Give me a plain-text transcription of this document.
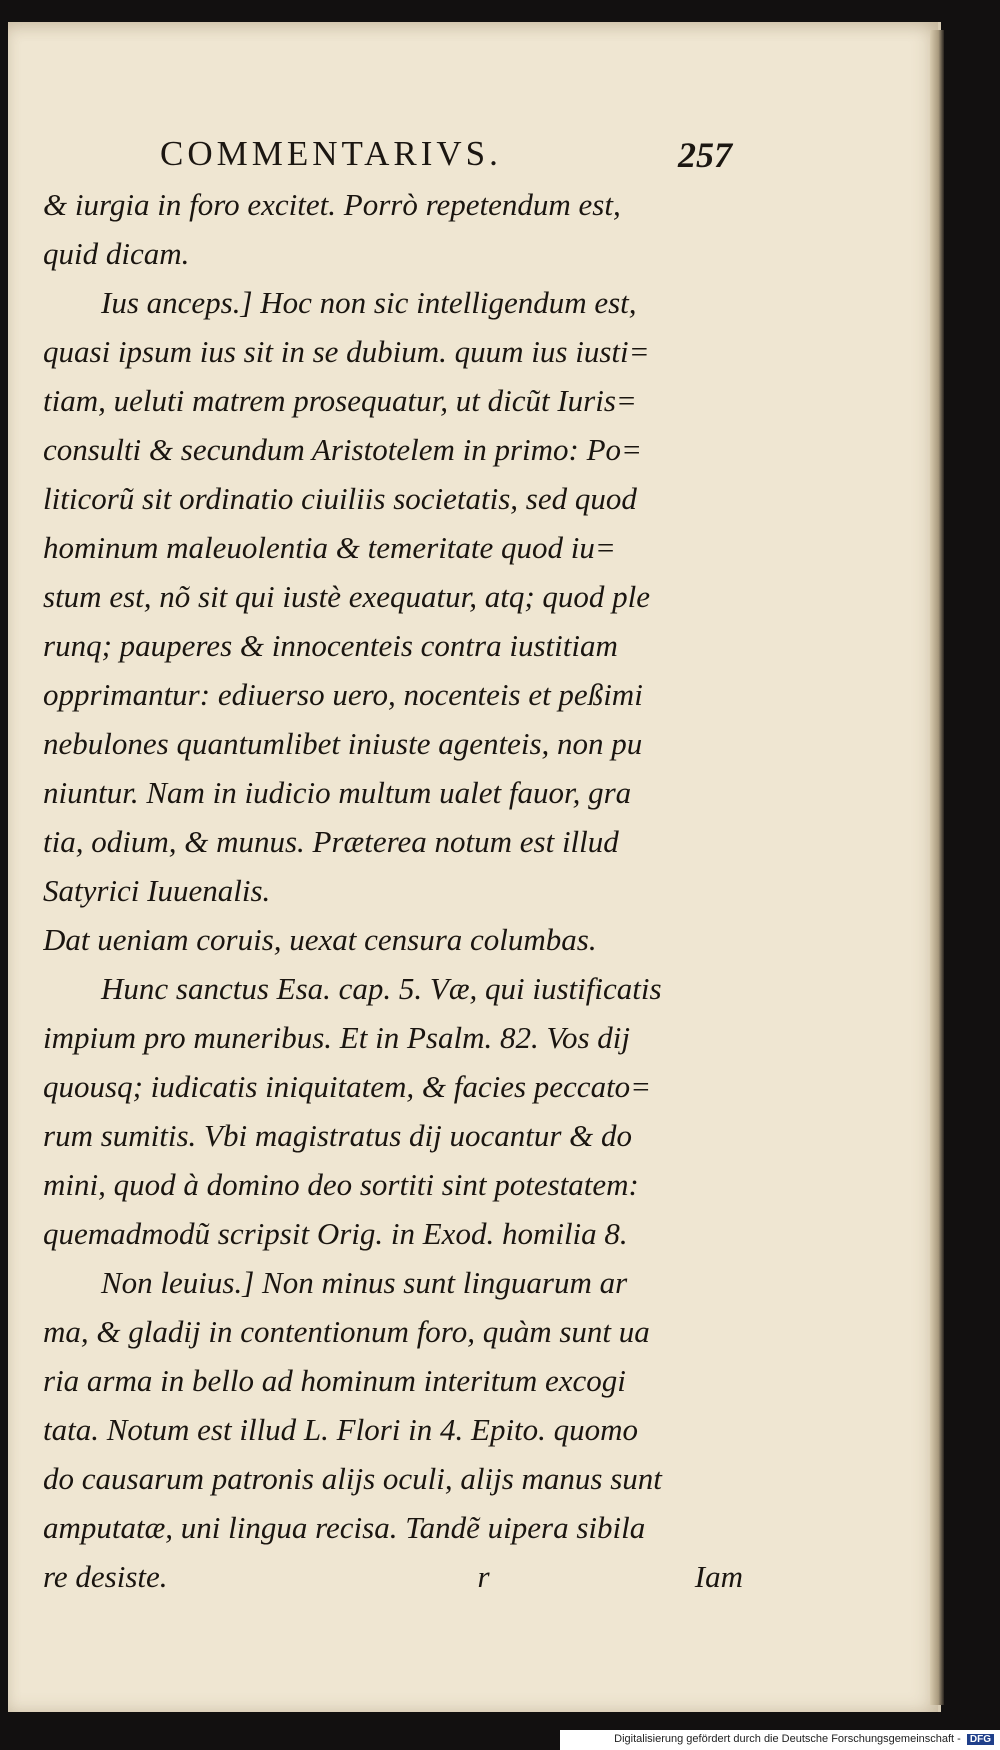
COMMENTARIVS.	257
& iurgia in foro excitet. Porrò repetendum est,
quid dicam.
Ius anceps.] Hoc non sic intelligendum est,
quasi ipsum ius sit in se dubium. quum ius iusti=
tiam, ueluti matrem prosequatur, ut dicũt Iuris=
consulti & secundum Aristotelem in primo: Po=
liticorũ sit ordinatio ciuiliis societatis, sed quod
hominum maleuolentia & temeritate quod iu=
stum est, nõ sit qui iustè exequatur, atq; quod ple
runq; pauperes & innocenteis contra iustitiam
opprimantur: ediuerso uero, nocenteis et peßimi
nebulones quantumlibet iniuste agenteis, non pu
niuntur. Nam in iudicio multum ualet fauor, gra
tia, odium, & munus. Præterea notum est illud
Satyrici Iuuenalis.
Dat ueniam coruis, uexat censura columbas.
Hunc sanctus Esa. cap. 5. Væ, qui iustificatis
impium pro muneribus. Et in Psalm. 82. Vos dij
quousq; iudicatis iniquitatem, & facies peccato=
rum sumitis. Vbi magistratus dij uocantur & do
mini, quod à domino deo sortiti sint potestatem:
quemadmodũ scripsit Orig. in Exod. homilia 8.
Non leuius.] Non minus sunt linguarum ar
ma, & gladij in contentionum foro, quàm sunt ua
ria arma in bello ad hominum interitum excogi
tata. Notum est illud L. Flori in 4. Epito. quomo
do causarum patronis alijs oculi, alijs manus sunt
amputatæ, uni lingua recisa. Tandẽ uipera sibila
re desiste.	r	Iam
Digitalisierung gefördert durch die Deutsche Forschungsgemeinschaft - DFG
